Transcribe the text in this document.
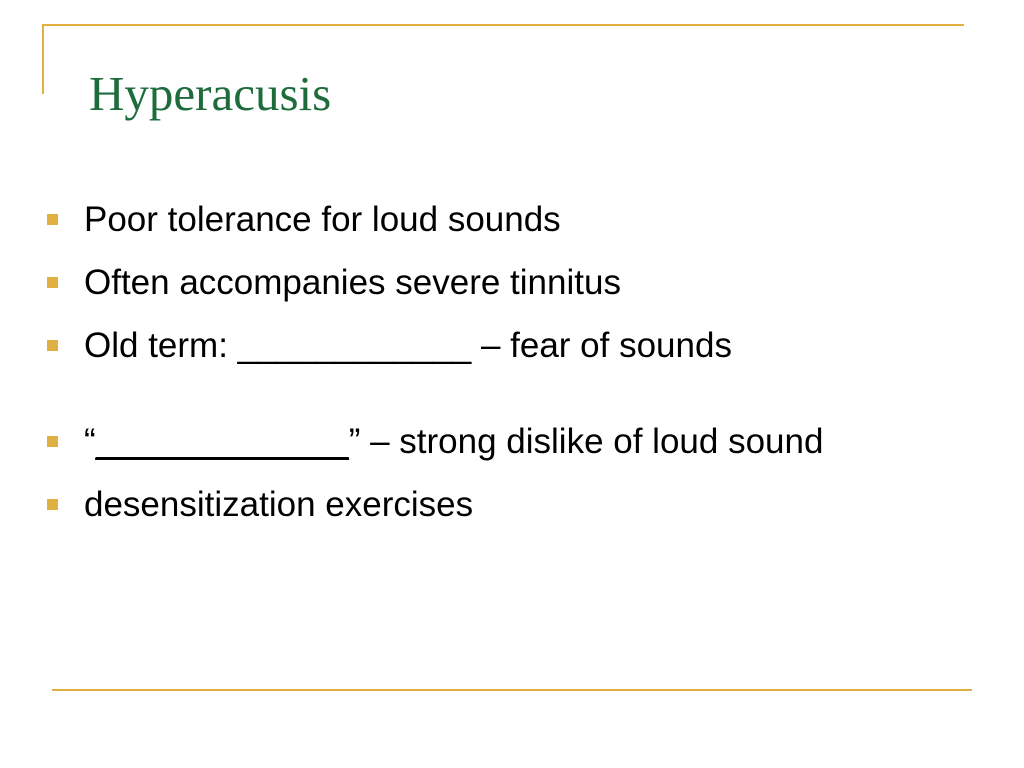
Hyperacusis
Poor tolerance for loud sounds
Often accompanies severe tinnitus
Old term: ____________ – fear of sounds
“_____________” – strong dislike of loud sound
desensitization exercises
